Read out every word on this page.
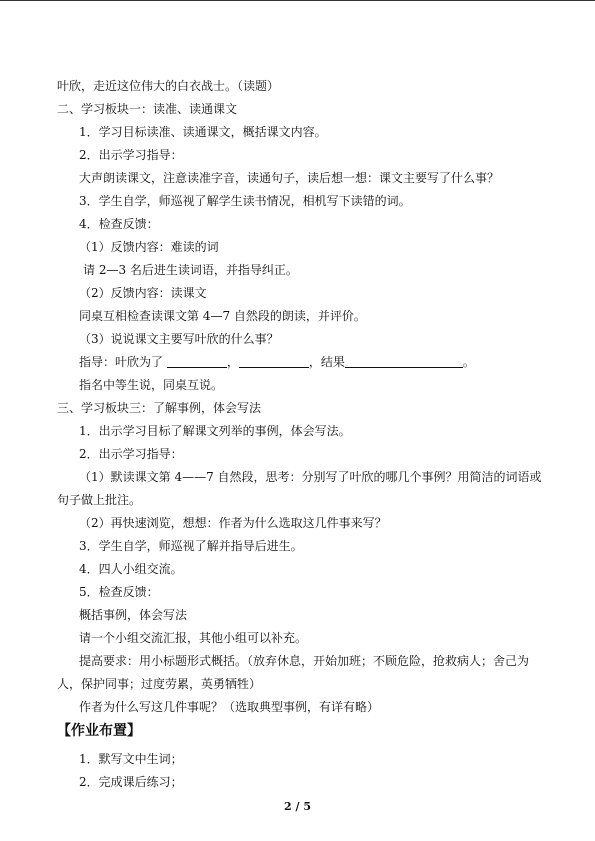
叶欣，走近这位伟大的白衣战士。（读题）
二、学习板块一：读准、读通课文
1．学习目标读准、读通课文，概括课文内容。
2．出示学习指导：
大声朗读课文，注意读准字音，读通句子，读后想一想：课文主要写了什么事？
3．学生自学，师巡视了解学生读书情况，相机写下读错的词。
4．检查反馈：
（1）反馈内容：难读的词
请 2—3 名后进生读词语，并指导纠正。
（2）反馈内容：读课文
同桌互相检查读课文第 4—7 自然段的朗读，并评价。
（3）说说课文主要写叶欣的什么事？
指导：叶欣为了	，	，结果	。
指名中等生说，同桌互说。
三、学习板块三：了解事例，体会写法
1．出示学习目标了解课文列举的事例，体会写法。
2．出示学习指导：
（1）默读课文第 4——7 自然段，思考：分别写了叶欣的哪几个事例？用简洁的词语或
句子做上批注。
（2）再快速浏览，想想：作者为什么选取这几件事来写？
3．学生自学，师巡视了解并指导后进生。
4．四人小组交流。
5．检查反馈：
概括事例，体会写法
请一个小组交流汇报，其他小组可以补充。
提高要求：用小标题形式概括。（放弃休息，开始加班；不顾危险，抢救病人；舍己为
人，保护同事；过度劳累，英勇牺牲）
作者为什么写这几件事呢？（选取典型事例，有详有略）
【作业布置】
1．默写文中生词；
2．完成课后练习；
2 / 5
